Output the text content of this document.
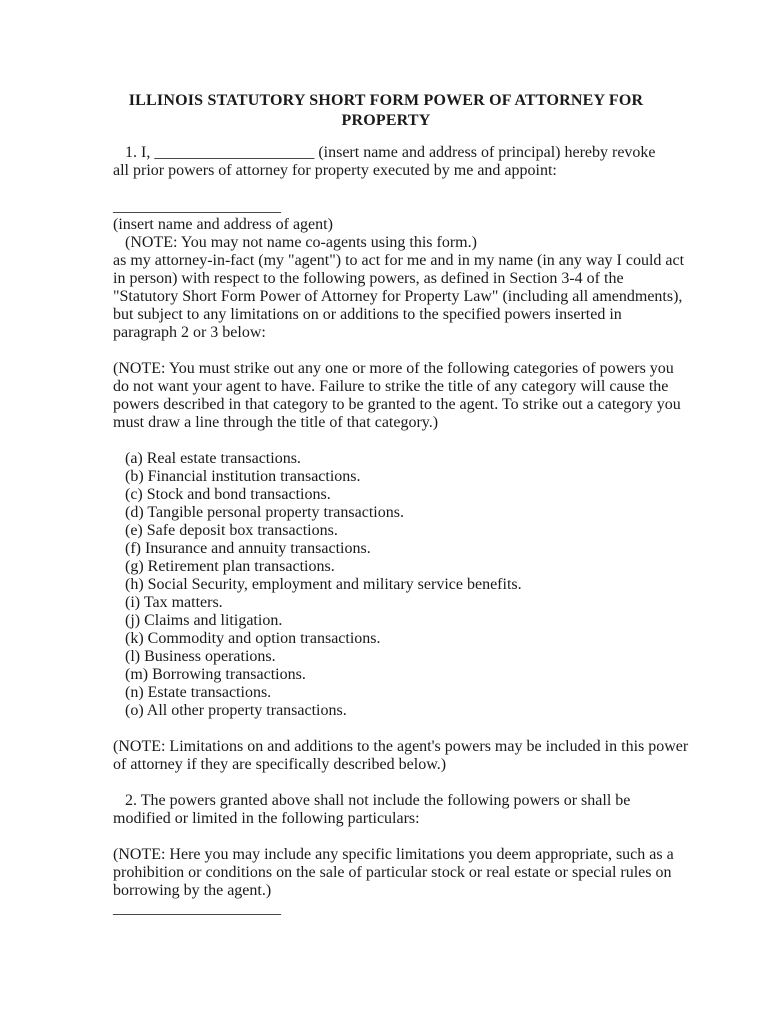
ILLINOIS STATUTORY SHORT FORM POWER OF ATTORNEY FOR
PROPERTY
1. I, ____________________ (insert name and address of principal) hereby revoke
all prior powers of attorney for property executed by me and appoint:
_____________________
(insert name and address of agent)
(NOTE: You may not name co-agents using this form.)
as my attorney-in-fact (my "agent") to act for me and in my name (in any way I could act
in person) with respect to the following powers, as defined in Section 3-4 of the
"Statutory Short Form Power of Attorney for Property Law" (including all amendments),
but subject to any limitations on or additions to the specified powers inserted in
paragraph 2 or 3 below:
(NOTE: You must strike out any one or more of the following categories of powers you
do not want your agent to have. Failure to strike the title of any category will cause the
powers described in that category to be granted to the agent. To strike out a category you
must draw a line through the title of that category.)
(a) Real estate transactions.
(b) Financial institution transactions.
(c) Stock and bond transactions.
(d) Tangible personal property transactions.
(e) Safe deposit box transactions.
(f) Insurance and annuity transactions.
(g) Retirement plan transactions.
(h) Social Security, employment and military service benefits.
(i) Tax matters.
(j) Claims and litigation.
(k) Commodity and option transactions.
(l) Business operations.
(m) Borrowing transactions.
(n) Estate transactions.
(o) All other property transactions.
(NOTE: Limitations on and additions to the agent's powers may be included in this power
of attorney if they are specifically described below.)
2. The powers granted above shall not include the following powers or shall be
modified or limited in the following particulars:
(NOTE: Here you may include any specific limitations you deem appropriate, such as a
prohibition or conditions on the sale of particular stock or real estate or special rules on
borrowing by the agent.)
_____________________
